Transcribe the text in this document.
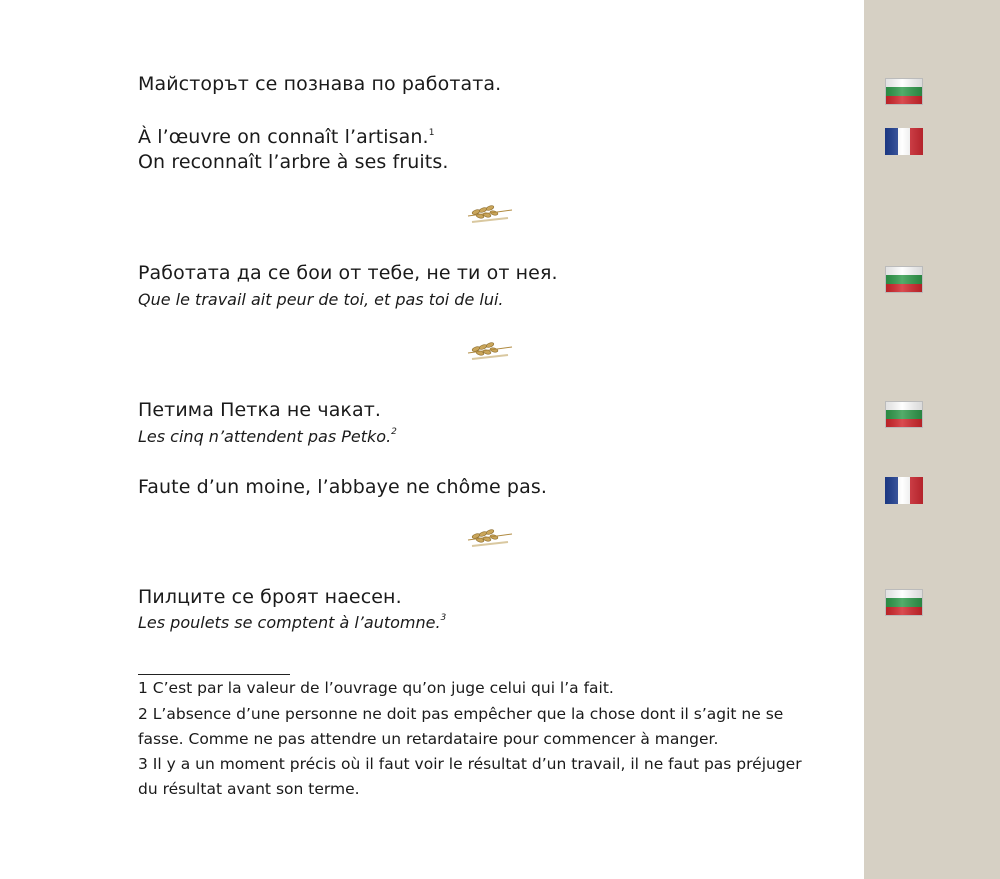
Майсторът се познава по работата.
À l’œuvre on connaît l’artisan.$^1$
On reconnaît l’arbre à ses fruits.
Работата да се бои от тебе, не ти от нея.
Que le travail ait peur de toi, et pas toi de lui.
Петима Петка не чакат.
Les cinq n’attendent pas Petko.$^2$
Faute d’un moine, l’abbaye ne chôme pas.
Пилците се броят наесен.
Les poulets se comptent à l’automne.$^3$
1 C’est par la valeur de l’ouvrage qu’on juge celui qui l’a fait.
2 L’absence d’une personne ne doit pas empêcher que la chose dont il s’agit ne se
fasse. Comme ne pas attendre un retardataire pour commencer à manger.
3 Il y a un moment précis où il faut voir le résultat d’un travail, il ne faut pas préjuger
du résultat avant son terme.
